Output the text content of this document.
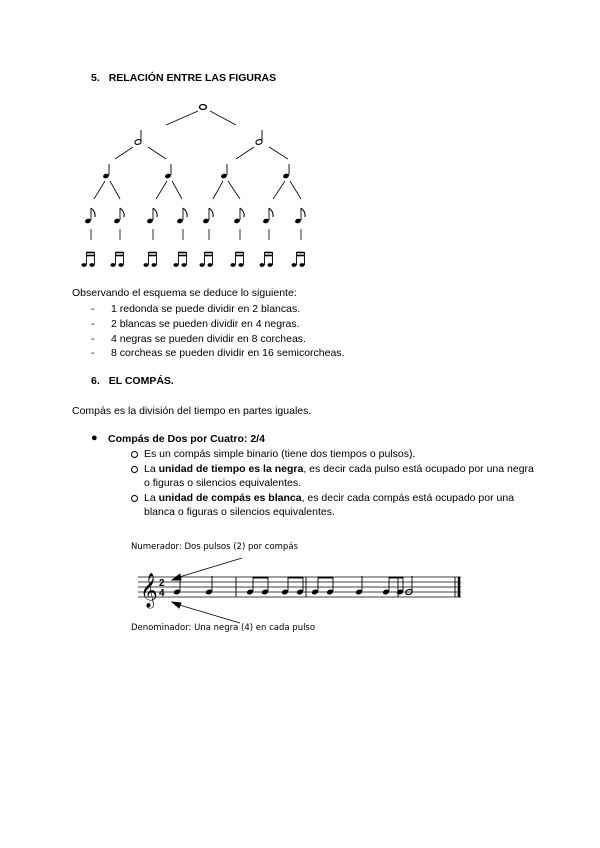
5. RELACIÓN ENTRE LAS FIGURAS
Observando el esquema se deduce lo siguiente:
- 1 redonda se puede dividir en 2 blancas.
- 2 blancas se pueden dividir en 4 negras.
- 4 negras se pueden dividir en 8 corcheas.
- 8 corcheas se pueden dividir en 16 semicorcheas.
6. EL COMPÁS.
Compás es la división del tiempo en partes iguales.
● Compás de Dos por Cuatro: 2/4
Es un compás simple binario (tiene dos tiempos o pulsos).
La unidad de tiempo es la negra, es decir cada pulso está ocupado por una negra o figuras o silencios equivalentes.
La unidad de compás es blanca, es decir cada compás está ocupado por una blanca o figuras o silencios equivalentes.
Numerador: Dos pulsos (2) por compás
Denominador: Una negra (4) en cada pulso
𝄞 2
4
